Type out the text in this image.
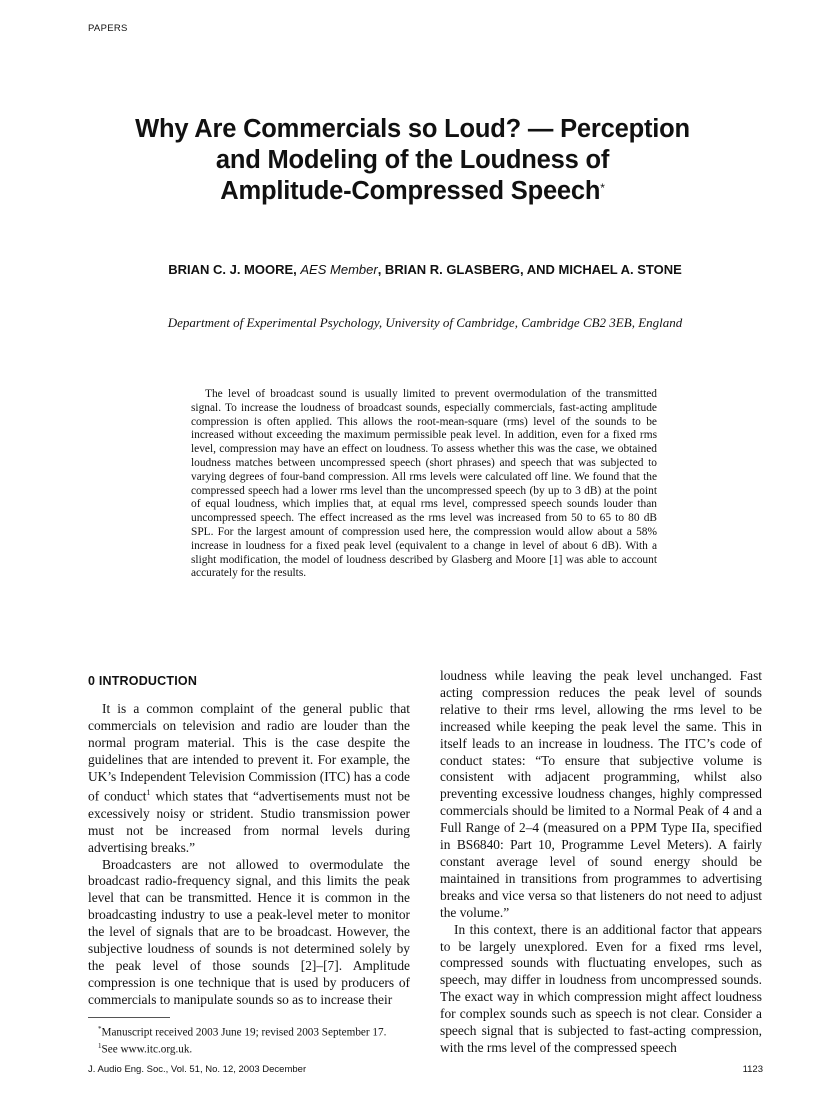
PAPERS
Why Are Commercials so Loud? — Perception
and Modeling of the Loudness of
Amplitude-Compressed Speech*
BRIAN C. J. MOORE, AES Member, BRIAN R. GLASBERG, AND MICHAEL A. STONE
Department of Experimental Psychology, University of Cambridge, Cambridge CB2 3EB, England

The level of broadcast sound is usually limited to prevent overmodulation of the transmitted signal. To increase the loudness of broadcast sounds, especially commercials, fast-acting amplitude compression is often applied. This allows the root-mean-square (rms) level of the sounds to be increased without exceeding the maximum permissible peak level. In addition, even for a fixed rms level, compression may have an effect on loudness. To assess whether this was the case, we obtained loudness matches between uncompressed speech (short phrases) and speech that was subjected to varying degrees of four-band compression. All rms levels were calculated off line. We found that the compressed speech had a lower rms level than the uncompressed speech (by up to 3 dB) at the point of equal loudness, which implies that, at equal rms level, compressed speech sounds louder than uncompressed speech. The effect increased as the rms level was increased from 50 to 65 to 80 dB SPL. For the largest amount of compression used here, the compression would allow about a 58% increase in loudness for a fixed peak level (equivalent to a change in level of about 6 dB). With a slight modification, the model of loudness described by Glasberg and Moore [1] was able to account accurately for the results.

0 INTRODUCTION

It is a common complaint of the general public that commercials on television and radio are louder than the normal program material. This is the case despite the guidelines that are intended to prevent it. For example, the UK’s Independent Television Commission (ITC) has a code of conduct$^1$ which states that “advertisements must not be excessively noisy or strident. Studio transmission power must not be increased from normal levels during advertising breaks.”

Broadcasters are not allowed to overmodulate the broadcast radio-frequency signal, and this limits the peak level that can be transmitted. Hence it is common in the broadcasting industry to use a peak-level meter to monitor the level of signals that are to be broadcast. However, the subjective loudness of sounds is not determined solely by the peak level of those sounds [2]–[7]. Amplitude compression is one technique that is used by producers of commercials to manipulate sounds so as to increase their

loudness while leaving the peak level unchanged. Fast acting compression reduces the peak level of sounds relative to their rms level, allowing the rms level to be increased while keeping the peak level the same. This in itself leads to an increase in loudness. The ITC’s code of conduct states: “To ensure that subjective volume is consistent with adjacent programming, whilst also preventing excessive loudness changes, highly compressed commercials should be limited to a Normal Peak of 4 and a Full Range of 2–4 (measured on a PPM Type IIa, specified in BS6840: Part 10, Programme Level Meters). A fairly constant average level of sound energy should be maintained in transitions from programmes to advertising breaks and vice versa so that listeners do not need to adjust the volume.”

In this context, there is an additional factor that appears to be largely unexplored. Even for a fixed rms level, compressed sounds with fluctuating envelopes, such as speech, may differ in loudness from uncompressed sounds. The exact way in which compression might affect loudness for complex sounds such as speech is not clear. Consider a speech signal that is subjected to fast-acting compression, with the rms level of the compressed speech

*Manuscript received 2003 June 19; revised 2003 September 17.
$^1$See www.itc.org.uk.
J. Audio Eng. Soc., Vol. 51, No. 12, 2003 December	1123
